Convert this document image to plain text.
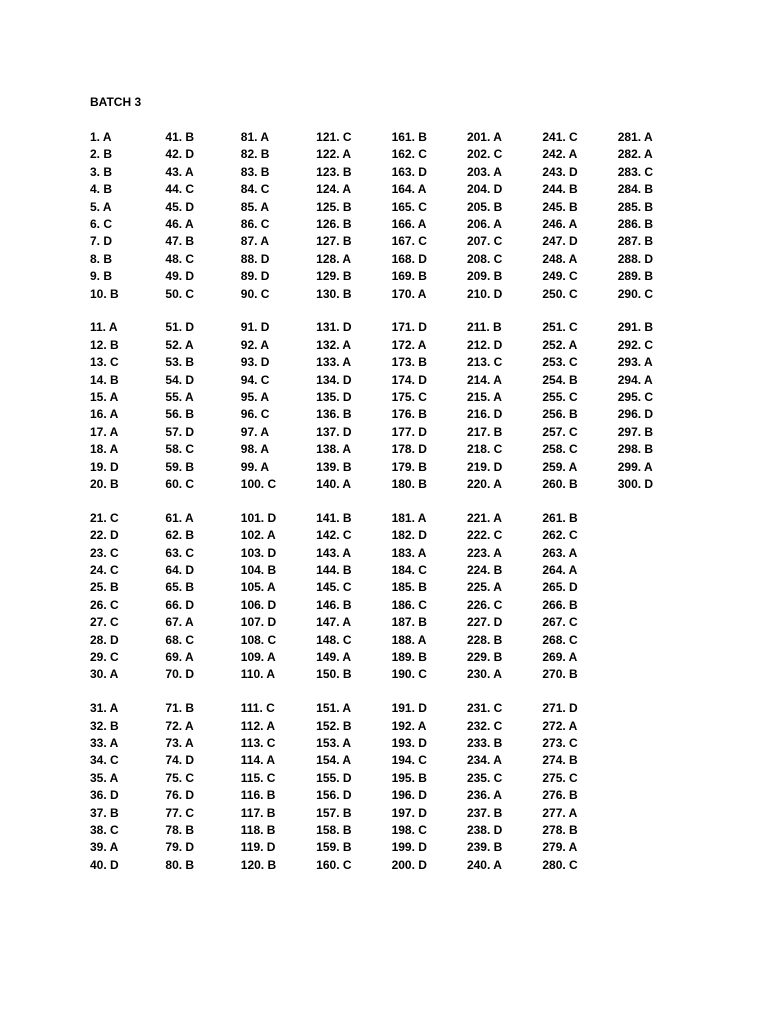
BATCH 3
1. A
2. B
3. B
4. B
5. A
6. C
7. D
8. B
9. B
10. B
41. B
42. D
43. A
44. C
45. D
46. A
47. B
48. C
49. D
50. C
81. A
82. B
83. B
84. C
85. A
86. C
87. A
88. D
89. D
90. C
121. C
122. A
123. B
124. A
125. B
126. B
127. B
128. A
129. B
130. B
161. B
162. C
163. D
164. A
165. C
166. A
167. C
168. D
169. B
170. A
201. A
202. C
203. A
204. D
205. B
206. A
207. C
208. C
209. B
210. D
241. C
242. A
243. D
244. B
245. B
246. A
247. D
248. A
249. C
250. C
281. A
282. A
283. C
284. B
285. B
286. B
287. B
288. D
289. B
290. C
11. A
12. B
13. C
14. B
15. A
16. A
17. A
18. A
19. D
20. B
51. D
52. A
53. B
54. D
55. A
56. B
57. D
58. C
59. B
60. C
91. D
92. A
93. D
94. C
95. A
96. C
97. A
98. A
99. A
100. C
131. D
132. A
133. A
134. D
135. D
136. B
137. D
138. A
139. B
140. A
171. D
172. A
173. B
174. D
175. C
176. B
177. D
178. D
179. B
180. B
211. B
212. D
213. C
214. A
215. A
216. D
217. B
218. C
219. D
220. A
251. C
252. A
253. C
254. B
255. C
256. B
257. C
258. C
259. A
260. B
291. B
292. C
293. A
294. A
295. C
296. D
297. B
298. B
299. A
300. D
21. C
22. D
23. C
24. C
25. B
26. C
27. C
28. D
29. C
30. A
61. A
62. B
63. C
64. D
65. B
66. D
67. A
68. C
69. A
70. D
101. D
102. A
103. D
104. B
105. A
106. D
107. D
108. C
109. A
110. A
141. B
142. C
143. A
144. B
145. C
146. B
147. A
148. C
149. A
150. B
181. A
182. D
183. A
184. C
185. B
186. C
187. B
188. A
189. B
190. C
221. A
222. C
223. A
224. B
225. A
226. C
227. D
228. B
229. B
230. A
261. B
262. C
263. A
264. A
265. D
266. B
267. C
268. C
269. A
270. B
31. A
32. B
33. A
34. C
35. A
36. D
37. B
38. C
39. A
40. D
71. B
72. A
73. A
74. D
75. C
76. D
77. C
78. B
79. D
80. B
111. C
112. A
113. C
114. A
115. C
116. B
117. B
118. B
119. D
120. B
151. A
152. B
153. A
154. A
155. D
156. D
157. B
158. B
159. B
160. C
191. D
192. A
193. D
194. C
195. B
196. D
197. D
198. C
199. D
200. D
231. C
232. C
233. B
234. A
235. C
236. A
237. B
238. D
239. B
240. A
271. D
272. A
273. C
274. B
275. C
276. B
277. A
278. B
279. A
280. C
